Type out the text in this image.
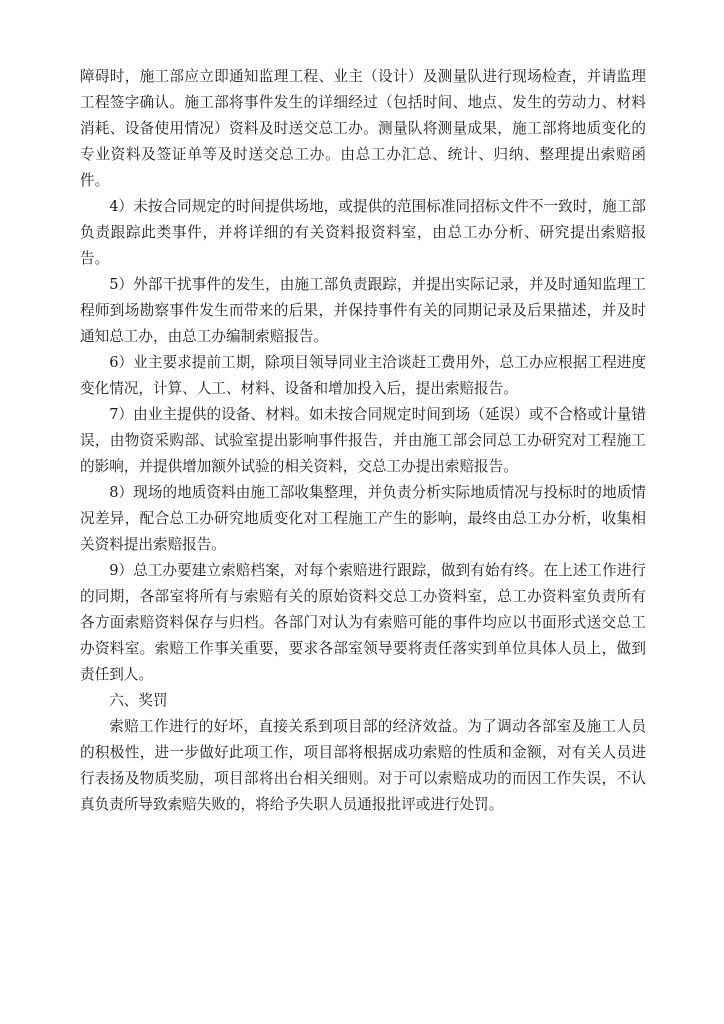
障碍时，施工部应立即通知监理工程、业主（设计）及测量队进行现场检查，并请监理工程签字确认。施工部将事件发生的详细经过（包括时间、地点、发生的劳动力、材料消耗、设备使用情况）资料及时送交总工办。测量队将测量成果，施工部将地质变化的专业资料及签证单等及时送交总工办。由总工办汇总、统计、归纳、整理提出索赔函件。

4）未按合同规定的时间提供场地，或提供的范围标准同招标文件不一致时，施工部负责跟踪此类事件，并将详细的有关资料报资料室，由总工办分析、研究提出索赔报告。

5）外部干扰事件的发生，由施工部负责跟踪，并提出实际记录，并及时通知监理工程师到场勘察事件发生而带来的后果，并保持事件有关的同期记录及后果描述，并及时通知总工办，由总工办编制索赔报告。

6）业主要求提前工期，除项目领导同业主洽谈赶工费用外，总工办应根据工程进度变化情况，计算、人工、材料、设备和增加投入后，提出索赔报告。

7）由业主提供的设备、材料。如未按合同规定时间到场（延误）或不合格或计量错误，由物资采购部、试验室提出影响事件报告，并由施工部会同总工办研究对工程施工的影响，并提供增加额外试验的相关资料，交总工办提出索赔报告。

8）现场的地质资料由施工部收集整理，并负责分析实际地质情况与投标时的地质情况差异，配合总工办研究地质变化对工程施工产生的影响，最终由总工办分析，收集相关资料提出索赔报告。

9）总工办要建立索赔档案，对每个索赔进行跟踪，做到有始有终。在上述工作进行的同期，各部室将所有与索赔有关的原始资料交总工办资料室，总工办资料室负责所有各方面索赔资料保存与归档。各部门对认为有索赔可能的事件均应以书面形式送交总工办资料室。索赔工作事关重要，要求各部室领导要将责任落实到单位具体人员上，做到责任到人。

六、奖罚

索赔工作进行的好坏，直接关系到项目部的经济效益。为了调动各部室及施工人员的积极性，进一步做好此项工作，项目部将根据成功索赔的性质和金额，对有关人员进行表扬及物质奖励，项目部将出台相关细则。对于可以索赔成功的而因工作失误，不认真负责所导致索赔失败的，将给予失职人员通报批评或进行处罚。
